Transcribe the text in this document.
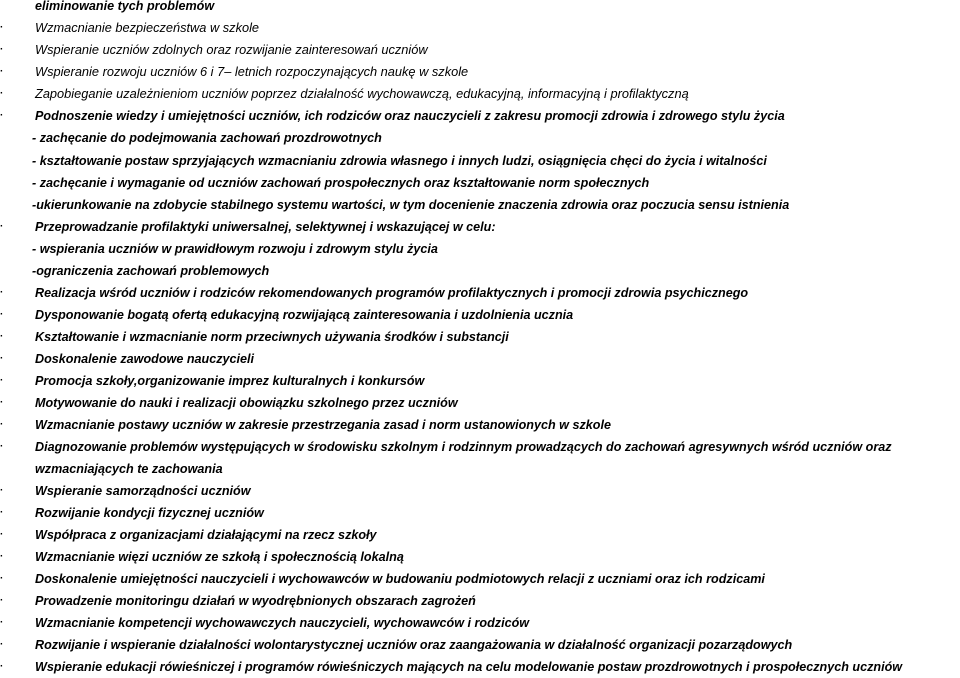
eliminowanie tych problemów
·	Wzmacnianie bezpieczeństwa w szkole
·	Wspieranie uczniów zdolnych oraz rozwijanie zainteresowań uczniów
·	Wspieranie rozwoju uczniów 6 i 7– letnich rozpoczynających naukę w szkole
·	Zapobieganie uzależnieniom uczniów poprzez działalność wychowawczą, edukacyjną, informacyjną i profilaktyczną
·	Podnoszenie wiedzy i umiejętności uczniów, ich rodziców oraz nauczycieli z zakresu promocji zdrowia i zdrowego stylu życia
- zachęcanie do podejmowania zachowań prozdrowotnych
- kształtowanie postaw sprzyjających wzmacnianiu zdrowia własnego i innych ludzi, osiągnięcia chęci do życia i witalności
- zachęcanie i wymaganie od uczniów zachowań prospołecznych oraz kształtowanie norm społecznych
-ukierunkowanie na zdobycie stabilnego systemu wartości, w tym docenienie znaczenia zdrowia oraz poczucia sensu istnienia
·	Przeprowadzanie profilaktyki uniwersalnej, selektywnej i wskazującej w celu:
- wspierania uczniów w prawidłowym rozwoju i zdrowym stylu życia
-ograniczenia zachowań problemowych
·	Realizacja wśród uczniów i rodziców rekomendowanych programów profilaktycznych i promocji zdrowia psychicznego
·	Dysponowanie bogatą ofertą edukacyjną rozwijającą zainteresowania i uzdolnienia ucznia
·	Kształtowanie i wzmacnianie norm przeciwnych używania środków i substancji
·	Doskonalenie zawodowe nauczycieli
·	Promocja szkoły,organizowanie imprez kulturalnych i konkursów
·	Motywowanie do nauki i realizacji obowiązku szkolnego przez uczniów
·	Wzmacnianie postawy uczniów w zakresie przestrzegania zasad i norm ustanowionych w szkole
·	Diagnozowanie problemów występujących w środowisku szkolnym i rodzinnym prowadzących do zachowań agresywnych wśród uczniów oraz
wzmacniających te zachowania
·	Wspieranie samorządności uczniów
·	Rozwijanie kondycji fizycznej uczniów
·	Współpraca z organizacjami działającymi na rzecz szkoły
·	Wzmacnianie więzi uczniów ze szkołą i społecznością lokalną
·	Doskonalenie umiejętności nauczycieli i wychowawców w budowaniu podmiotowych relacji z uczniami oraz ich rodzicami
·	Prowadzenie monitoringu działań w wyodrębnionych obszarach zagrożeń
·	Wzmacnianie kompetencji wychowawczych nauczycieli, wychowawców i rodziców
·	Rozwijanie i wspieranie działalności wolontarystycznej uczniów oraz zaangażowania w działalność organizacji pozarządowych
·	Wspieranie edukacji rówieśniczej i programów rówieśniczych mających na celu modelowanie postaw prozdrowotnych i prospołecznych uczniów
